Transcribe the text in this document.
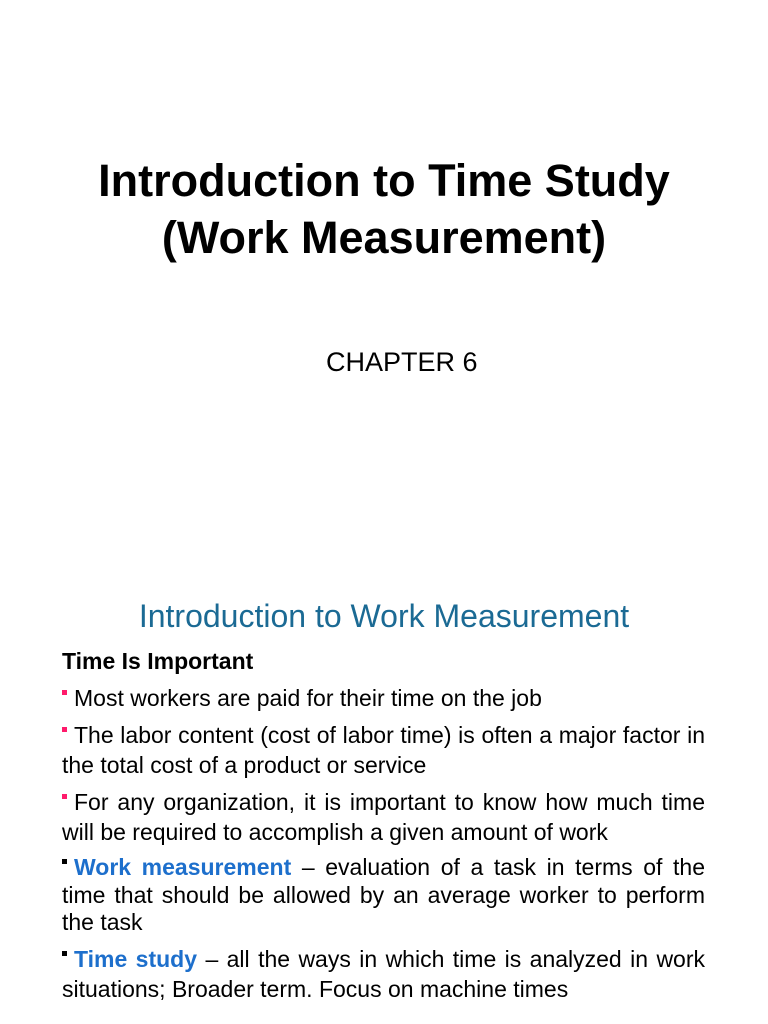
Introduction to Time Study
(Work Measurement)
CHAPTER 6
Introduction to Work Measurement
Time Is Important
Most workers are paid for their time on the job
The labor content (cost of labor time) is often a major factor in the total cost of a product or service
For any organization, it is important to know how much time will be required to accomplish a given amount of work
Work measurement – evaluation of a task in terms of the time that should be allowed by an average worker to perform the task
Time study – all the ways in which time is analyzed in work situations; Broader term. Focus on machine times
